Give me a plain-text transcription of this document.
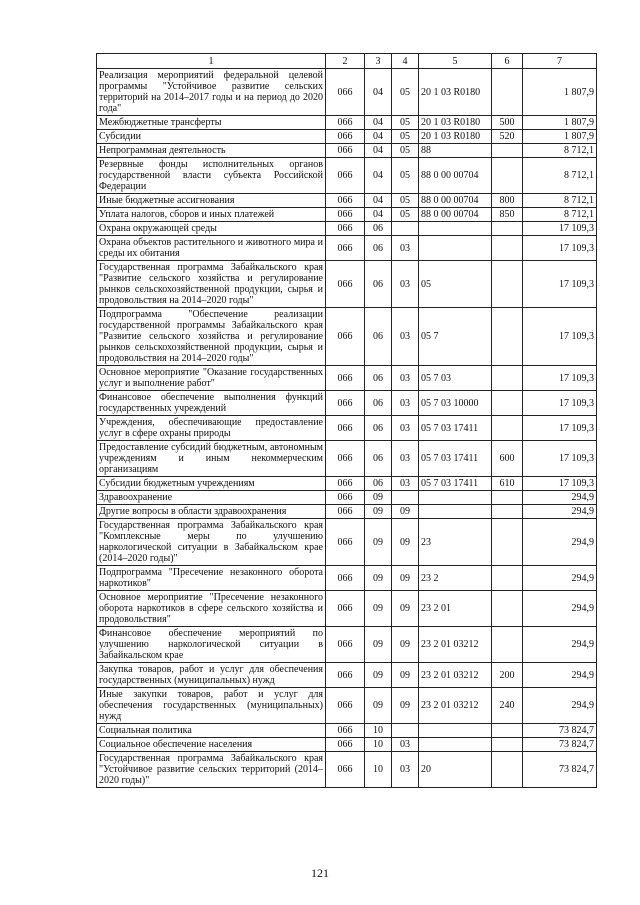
1	2	3	4	5	6	7
Реализация мероприятий федеральной целевой программы "Устойчивое развитие сельских территорий на 2014–2017 годы и на период до 2020 года"	066	04	05	20 1 03 R0180		1 807,9
Межбюджетные трансферты	066	04	05	20 1 03 R0180	500	1 807,9
Субсидии	066	04	05	20 1 03 R0180	520	1 807,9
Непрограммная деятельность	066	04	05	88		8 712,1
Резервные фонды исполнительных органов государственной власти субъекта Российской Федерации	066	04	05	88 0 00 00704		8 712,1
Иные бюджетные ассигнования	066	04	05	88 0 00 00704	800	8 712,1
Уплата налогов, сборов и иных платежей	066	04	05	88 0 00 00704	850	8 712,1
Охрана окружающей среды	066	06				17 109,3
Охрана объектов растительного и животного мира и среды их обитания	066	06	03			17 109,3
Государственная программа Забайкальского края "Развитие сельского хозяйства и регулирование рынков сельскохозяйственной продукции, сырья и продовольствия на 2014–2020 годы"	066	06	03	05		17 109,3
Подпрограмма "Обеспечение реализации государственной программы Забайкальского края "Развитие сельского хозяйства и регулирование рынков сельскохозяйственной продукции, сырья и продовольствия на 2014–2020 годы"	066	06	03	05 7		17 109,3
Основное мероприятие "Оказание государственных услуг и выполнение работ"	066	06	03	05 7 03		17 109,3
Финансовое обеспечение выполнения функций государственных учреждений	066	06	03	05 7 03 10000		17 109,3
Учреждения, обеспечивающие предоставление услуг в сфере охраны природы	066	06	03	05 7 03 17411		17 109,3
Предоставление субсидий бюджетным, автономным учреждениям и иным некоммерческим организациям	066	06	03	05 7 03 17411	600	17 109,3
Субсидии бюджетным учреждениям	066	06	03	05 7 03 17411	610	17 109,3
Здравоохранение	066	09				294,9
Другие вопросы в области здравоохранения	066	09	09			294,9
Государственная программа Забайкальского края "Комплексные меры по улучшению наркологической ситуации в Забайкальском крае (2014–2020 годы)"	066	09	09	23		294,9
Подпрограмма "Пресечение незаконного оборота наркотиков"	066	09	09	23 2		294,9
Основное мероприятие "Пресечение незаконного оборота наркотиков в сфере сельского хозяйства и продовольствия"	066	09	09	23 2 01		294,9
Финансовое обеспечение мероприятий по улучшению наркологической ситуации в Забайкальском крае	066	09	09	23 2 01 03212		294,9
Закупка товаров, работ и услуг для обеспечения государственных (муниципальных) нужд	066	09	09	23 2 01 03212	200	294,9
Иные закупки товаров, работ и услуг для обеспечения государственных (муниципальных) нужд	066	09	09	23 2 01 03212	240	294,9
Социальная политика	066	10				73 824,7
Социальное обеспечение населения	066	10	03			73 824,7
Государственная программа Забайкальского края "Устойчивое развитие сельских территорий (2014–2020 годы)"	066	10	03	20		73 824,7
121
